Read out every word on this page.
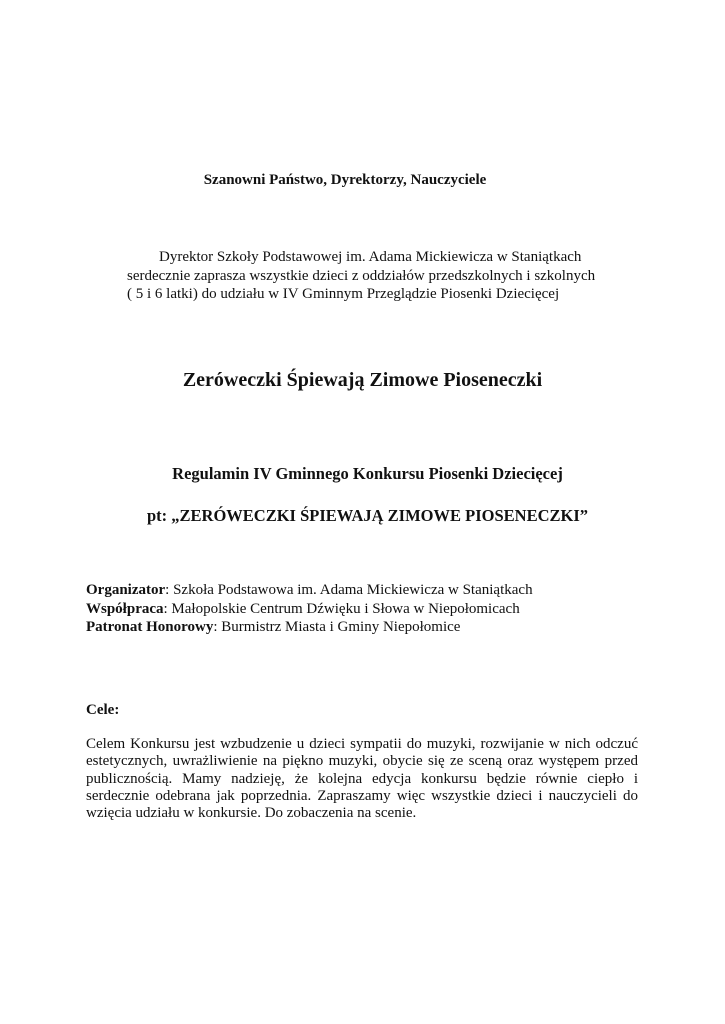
Szanowni Państwo, Dyrektorzy, Nauczyciele
Dyrektor Szkoły Podstawowej im. Adama Mickiewicza w Staniątkach
serdecznie zaprasza wszystkie dzieci z oddziałów przedszkolnych i szkolnych
( 5 i 6 latki) do udziału w IV Gminnym Przeglądzie Piosenki Dziecięcej
Zeróweczki Śpiewają Zimowe Pioseneczki
Regulamin IV Gminnego Konkursu Piosenki Dziecięcej
pt: „ZERÓWECZKI ŚPIEWAJĄ ZIMOWE PIOSENECZKI”
Organizator: Szkoła Podstawowa im. Adama Mickiewicza w Staniątkach
Współpraca: Małopolskie Centrum Dźwięku i Słowa w Niepołomicach
Patronat Honorowy: Burmistrz Miasta i Gminy Niepołomice
Cele:
Celem Konkursu jest wzbudzenie u dzieci sympatii do muzyki, rozwijanie w nich odczuć estetycznych, uwrażliwienie na piękno muzyki, obycie się ze sceną oraz występem przed publicznością. Mamy nadzieję, że kolejna edycja konkursu będzie równie ciepło i serdecznie odebrana jak poprzednia. Zapraszamy więc wszystkie dzieci i nauczycieli do wzięcia udziału w konkursie. Do zobaczenia na scenie.
